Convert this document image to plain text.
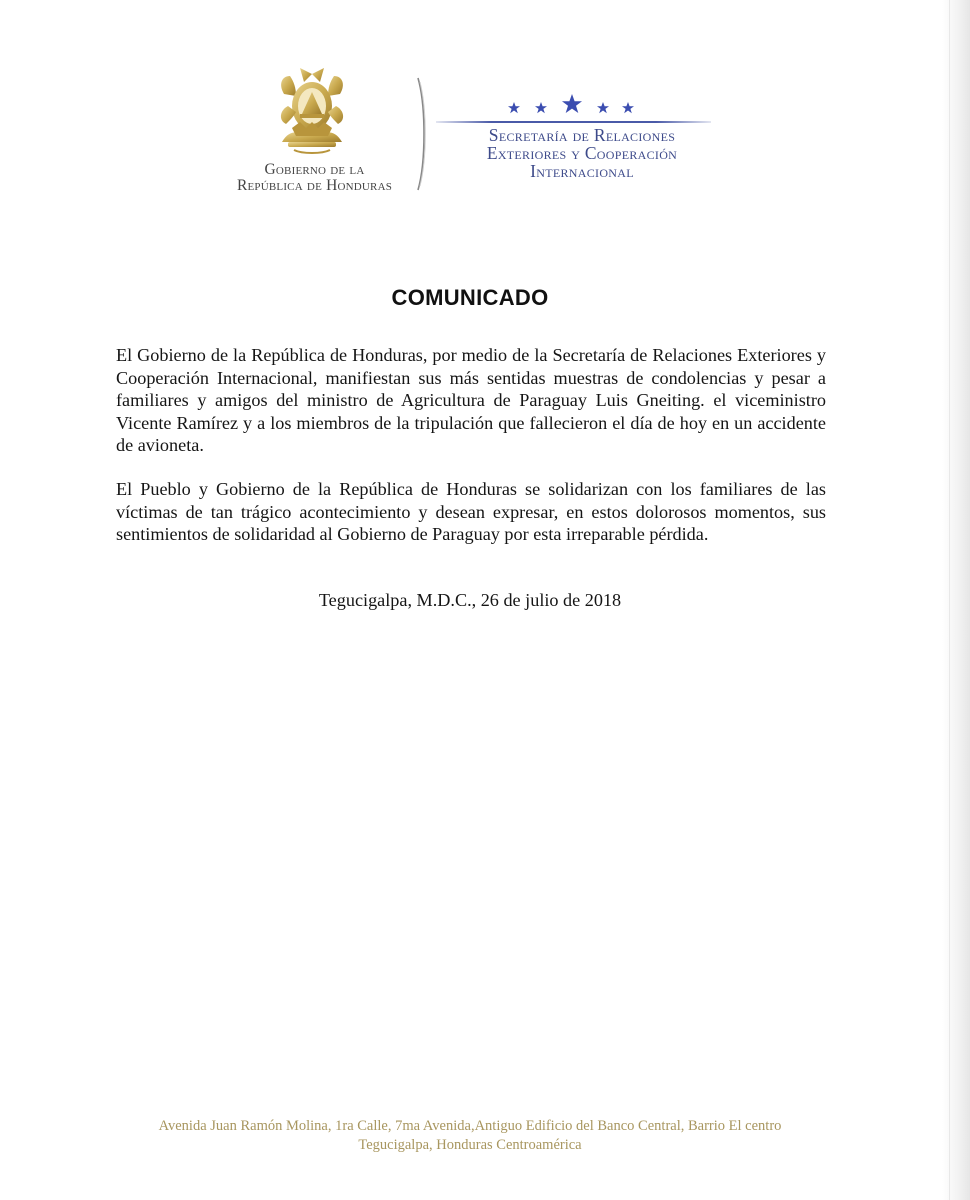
Gobierno de la
República de Honduras
Secretaría de Relaciones
Exteriores y Cooperación
Internacional
COMUNICADO
El Gobierno de la República de Honduras, por medio de la Secretaría de Relaciones Exteriores y Cooperación Internacional, manifiestan sus más sentidas muestras de condolencias y pesar a familiares y amigos del ministro de Agricultura de Paraguay Luis Gneiting. el viceministro Vicente Ramírez y a los miembros de la tripulación que fallecieron el día de hoy en un accidente de avioneta.
El Pueblo y Gobierno de la República de Honduras se solidarizan con los familiares de las víctimas de tan trágico acontecimiento y desean expresar, en estos dolorosos momentos, sus sentimientos de solidaridad al Gobierno de Paraguay por esta irreparable pérdida.
Tegucigalpa, M.D.C., 26 de julio de 2018
Avenida Juan Ramón Molina, 1ra Calle, 7ma Avenida,Antiguo Edificio del Banco Central, Barrio El centro
Tegucigalpa, Honduras Centroamérica
